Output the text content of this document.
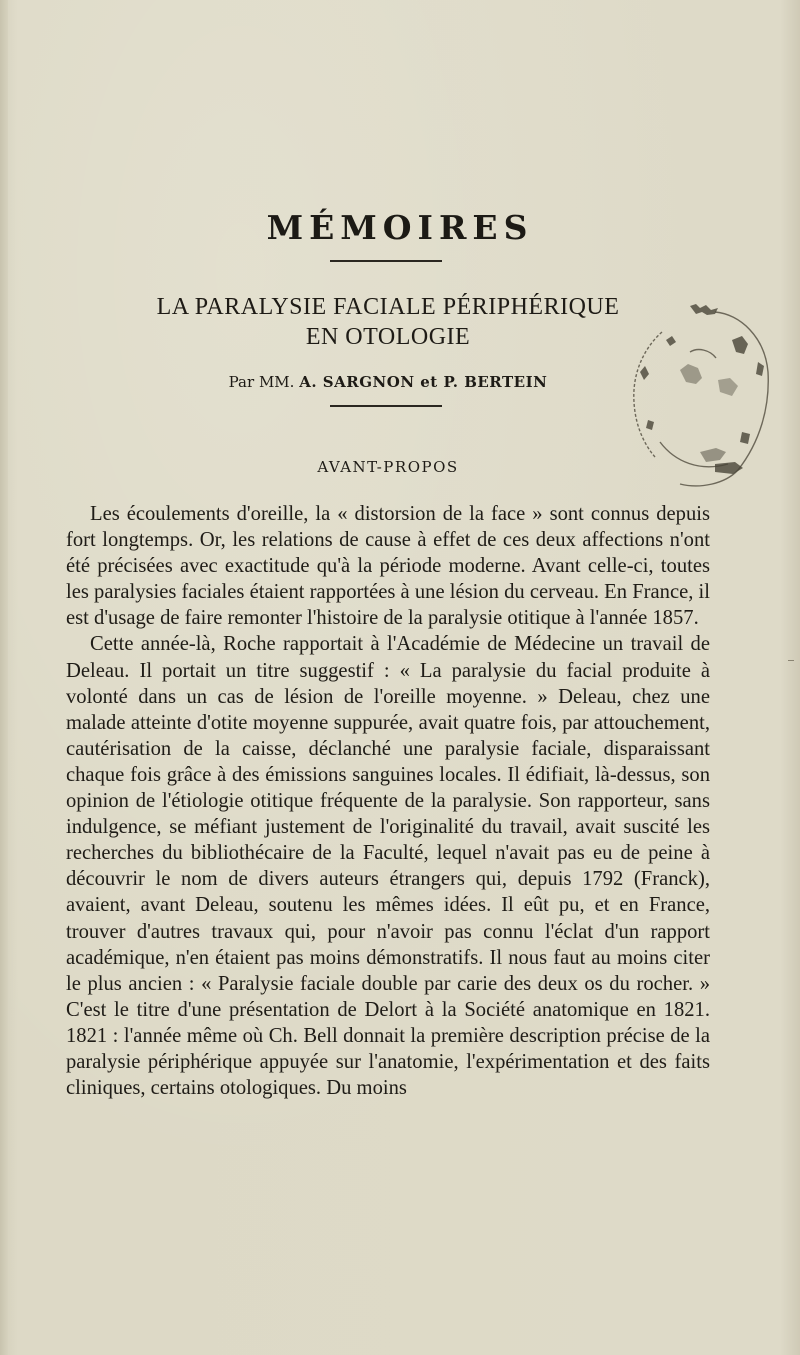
MÉMOIRES
LA PARALYSIE FACIALE PÉRIPHÉRIQUE
EN OTOLOGIE
Par MM. A. SARGNON et P. BERTEIN
AVANT-PROPOS

Les écoulements d'oreille, la « distorsion de la face » sont connus depuis fort longtemps. Or, les relations de cause à effet de ces deux affections n'ont été précisées avec exactitude qu'à la période moderne. Avant celle-ci, toutes les paralysies faciales étaient rapportées à une lésion du cerveau. En France, il est d'usage de faire remonter l'histoire de la paralysie otitique à l'année 1857.

Cette année-là, Roche rapportait à l'Académie de Médecine un travail de Deleau. Il portait un titre suggestif : « La paralysie du facial produite à volonté dans un cas de lésion de l'oreille moyenne. » Deleau, chez une malade atteinte d'otite moyenne suppurée, avait quatre fois, par attouchement, cautérisation de la caisse, déclanché une paralysie faciale, disparaissant chaque fois grâce à des émissions sanguines locales. Il édifiait, là-dessus, son opinion de l'étiologie otitique fréquente de la paralysie. Son rapporteur, sans indulgence, se méfiant justement de l'originalité du travail, avait suscité les recherches du bibliothécaire de la Faculté, lequel n'avait pas eu de peine à découvrir le nom de divers auteurs étrangers qui, depuis 1792 (Franck), avaient, avant Deleau, soutenu les mêmes idées. Il eût pu, et en France, trouver d'autres travaux qui, pour n'avoir pas connu l'éclat d'un rapport académique, n'en étaient pas moins démonstratifs. Il nous faut au moins citer le plus ancien : « Paralysie faciale double par carie des deux os du rocher. » C'est le titre d'une présentation de Delort à la Société anatomique en 1821. 1821 : l'année même où Ch. Bell donnait la première description précise de la paralysie périphérique appuyée sur l'anatomie, l'expérimentation et des faits cliniques, certains otologiques. Du moins
